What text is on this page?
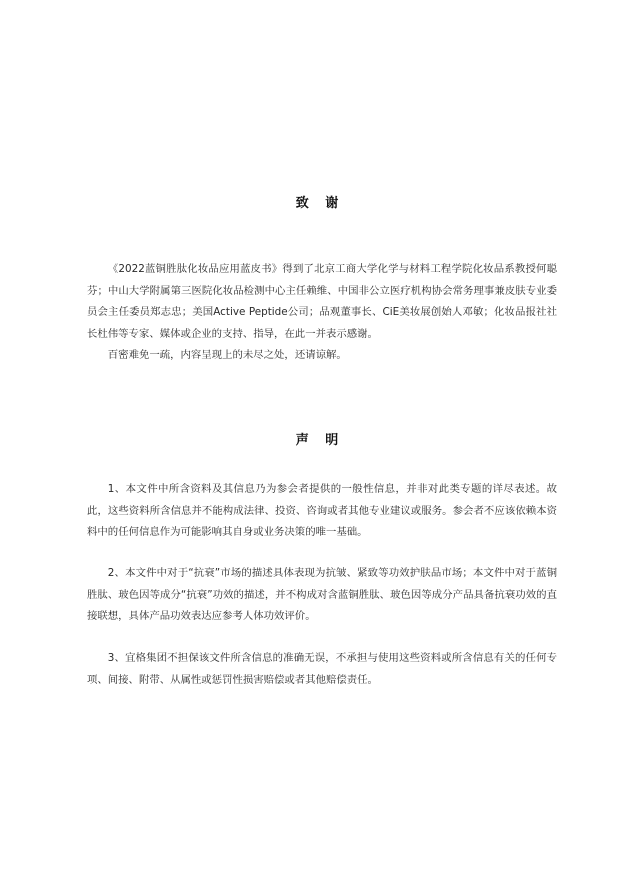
致 谢

《2022蓝铜胜肽化妆品应用蓝皮书》得到了北京工商大学化学与材料工程学院化妆品系教授何聪芬；中山大学附属第三医院化妆品检测中心主任赖维、中国非公立医疗机构协会常务理事兼皮肤专业委员会主任委员郑志忠；美国Active Peptide公司；品观董事长、CiE美妆展创始人邓敏；化妆品报社社长杜伟等专家、媒体或企业的支持、指导，在此一并表示感谢。

百密难免一疏，内容呈现上的未尽之处，还请谅解。

声 明

1、本文件中所含资料及其信息乃为参会者提供的一般性信息，并非对此类专题的详尽表述。故此，这些资料所含信息并不能构成法律、投资、咨询或者其他专业建议或服务。参会者不应该依赖本资料中的任何信息作为可能影响其自身或业务决策的唯一基础。

2、本文件中对于“抗衰”市场的描述具体表现为抗皱、紧致等功效护肤品市场；本文件中对于蓝铜胜肽、玻色因等成分“抗衰”功效的描述，并不构成对含蓝铜胜肽、玻色因等成分产品具备抗衰功效的直接联想，具体产品功效表达应参考人体功效评价。

3、宜格集团不担保该文件所含信息的准确无误，不承担与使用这些资料或所含信息有关的任何专项、间接、附带、从属性或惩罚性损害赔偿或者其他赔偿责任。
